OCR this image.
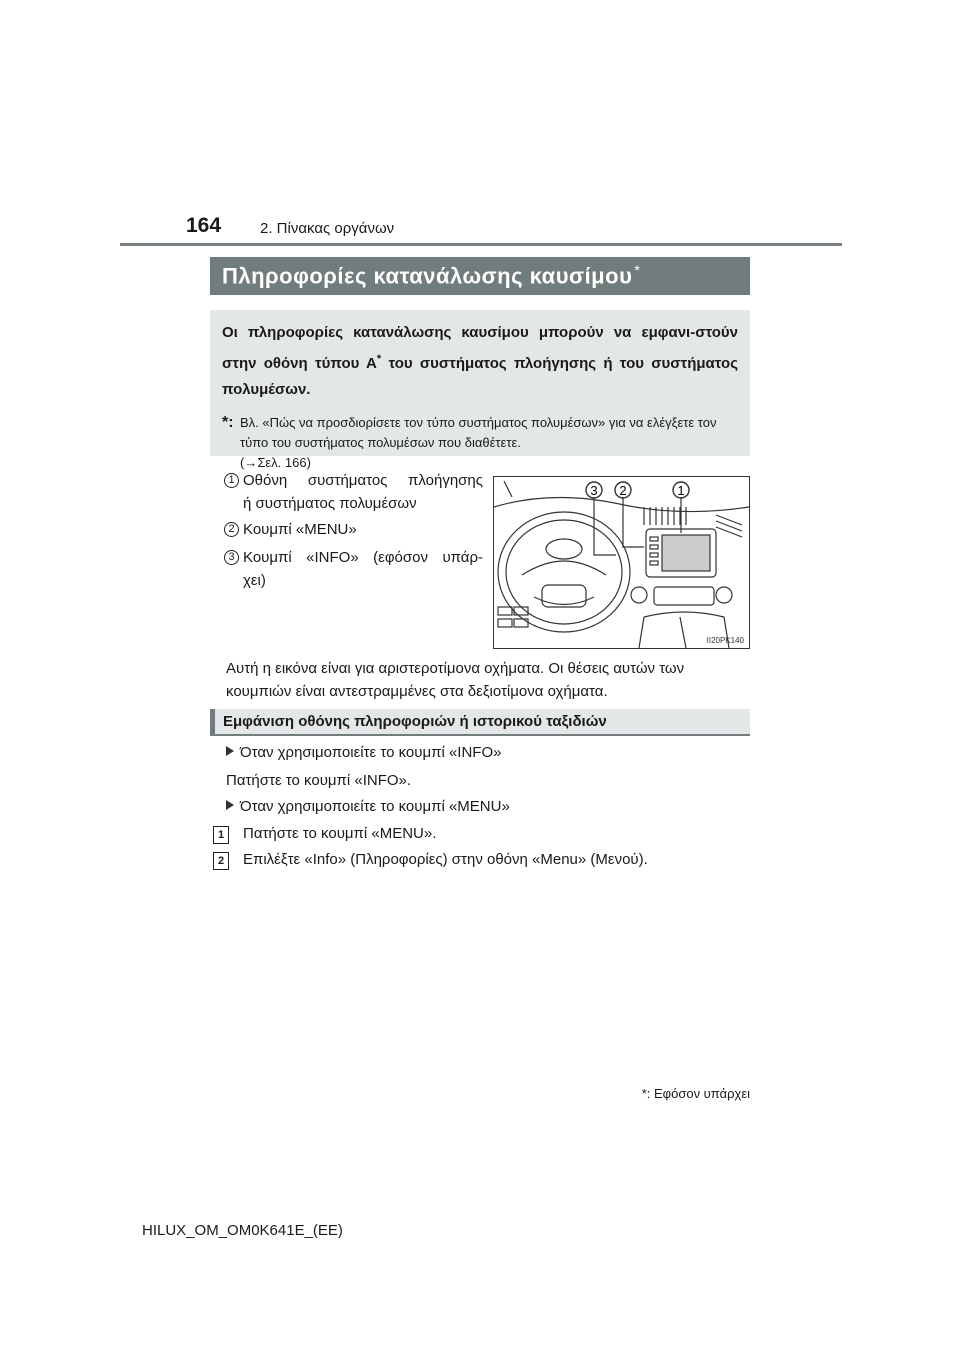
164	2. Πίνακας οργάνων
Πληροφορίες κατανάλωσης καυσίμου *
Οι πληροφορίες κατανάλωσης καυσίμου μπορούν να εμφανι-στούν στην οθόνη τύπου Α* του συστήματος πλοήγησης ή του συστήματος πολυμέσων.
*: Βλ. «Πώς να προσδιορίσετε τον τύπο συστήματος πολυμέσων» για να ελέγξετε τον τύπο του συστήματος πολυμέσων που διαθέτετε.
(→Σελ. 166)
1 Οθόνη συστήματος πλοήγησης
ή συστήματος πολυμέσων
2 Κουμπί «MENU»
3 Κουμπί «INFO» (εφόσον υπάρ-
χει)
3 2	1
II20PK140
Αυτή η εικόνα είναι για αριστεροτίμονα οχήματα. Οι θέσεις αυτών των κουμπιών είναι αντεστραμμένες στα δεξιοτίμονα οχήματα.
Εμφάνιση οθόνης πληροφοριών ή ιστορικού ταξιδιών
Όταν χρησιμοποιείτε το κουμπί «INFO»
Πατήστε το κουμπί «INFO».
Όταν χρησιμοποιείτε το κουμπί «MENU»
1	Πατήστε το κουμπί «MENU».
2	Επιλέξτε «Info» (Πληροφορίες) στην οθόνη «Menu» (Μενού).
*: Εφόσον υπάρχει
HILUX_OM_OM0K641E_(EE)
